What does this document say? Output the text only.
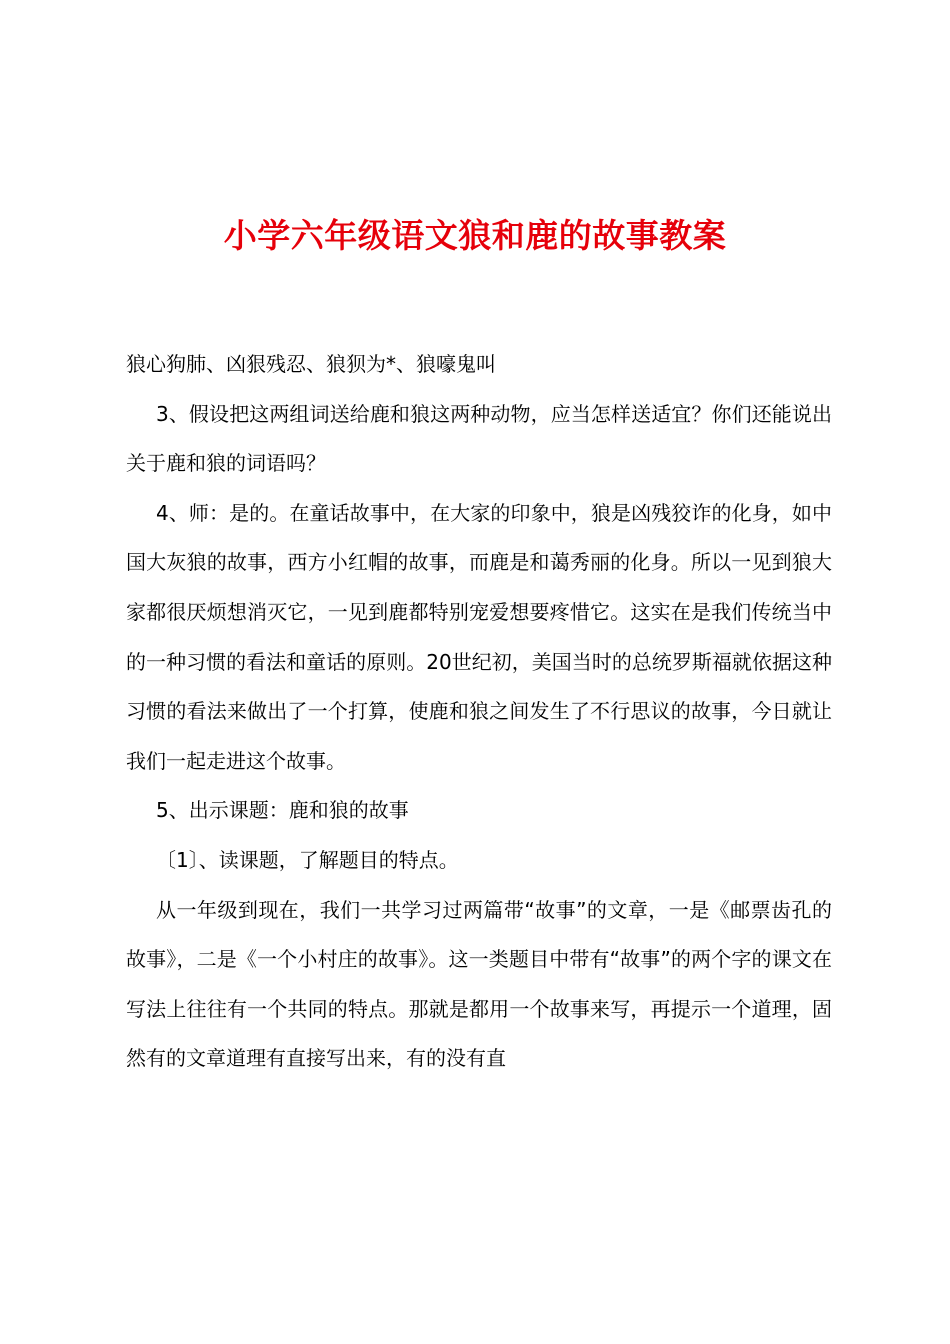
小学六年级语文狼和鹿的故事教案

狼心狗肺、凶狠残忍、狼狈为*、狼嚎鬼叫

3、假设把这两组词送给鹿和狼这两种动物，应当怎样送适宜？你们还能说出关于鹿和狼的词语吗？

4、师：是的。在童话故事中，在大家的印象中，狼是凶残狡诈的化身，如中国大灰狼的故事，西方小红帽的故事，而鹿是和蔼秀丽的化身。所以一见到狼大家都很厌烦想消灭它，一见到鹿都特别宠爱想要疼惜它。这实在是我们传统当中的一种习惯的看法和童话的原则。20世纪初，美国当时的总统罗斯福就依据这种习惯的看法来做出了一个打算，使鹿和狼之间发生了不行思议的故事，今日就让我们一起走进这个故事。

5、出示课题：鹿和狼的故事

〔1〕、读课题，了解题目的特点。

从一年级到现在，我们一共学习过两篇带“故事”的文章，一是《邮票齿孔的故事》，二是《一个小村庄的故事》。这一类题目中带有“故事”的两个字的课文在写法上往往有一个共同的特点。那就是都用一个故事来写，再提示一个道理，固然有的文章道理有直接写出来，有的没有直
